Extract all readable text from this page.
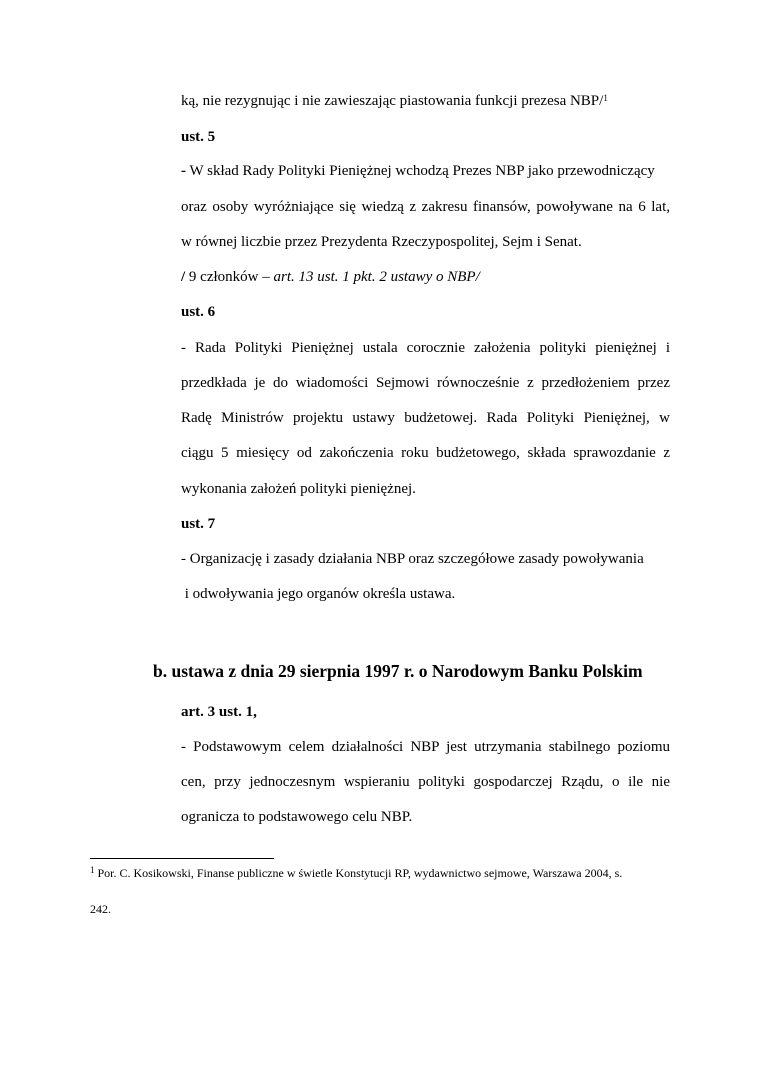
ką, nie rezygnując i nie zawieszając piastowania funkcji prezesa NBP/$^1$
ust. 5
- W skład Rady Polityki Pieniężnej wchodzą Prezes NBP jako przewodniczący
oraz osoby wyróżniające się wiedzą z zakresu finansów, powoływane na 6 lat,
w równej liczbie przez Prezydenta Rzeczypospolitej, Sejm i Senat.
/ 9 członków – art. 13 ust. 1 pkt. 2 ustawy o NBP/
ust. 6
- Rada Polityki Pieniężnej ustala corocznie założenia polityki pieniężnej i
przedkłada je do wiadomości Sejmowi równocześnie z przedłożeniem przez
Radę Ministrów projektu ustawy budżetowej. Rada Polityki Pieniężnej, w
ciągu 5 miesięcy od zakończenia roku budżetowego, składa sprawozdanie z
wykonania założeń polityki pieniężnej.
ust. 7
- Organizację i zasady działania NBP oraz szczegółowe zasady powoływania
i odwoływania jego organów określa ustawa.
b. ustawa z dnia 29 sierpnia 1997 r. o Narodowym Banku Polskim
art. 3 ust. 1,
- Podstawowym celem działalności NBP jest utrzymania stabilnego poziomu
cen, przy jednoczesnym wspieraniu polityki gospodarczej Rządu, o ile nie
ogranicza to podstawowego celu NBP.
$^1$ Por. C. Kosikowski, Finanse publiczne w świetle Konstytucji RP, wydawnictwo sejmowe, Warszawa 2004, s.
242.
